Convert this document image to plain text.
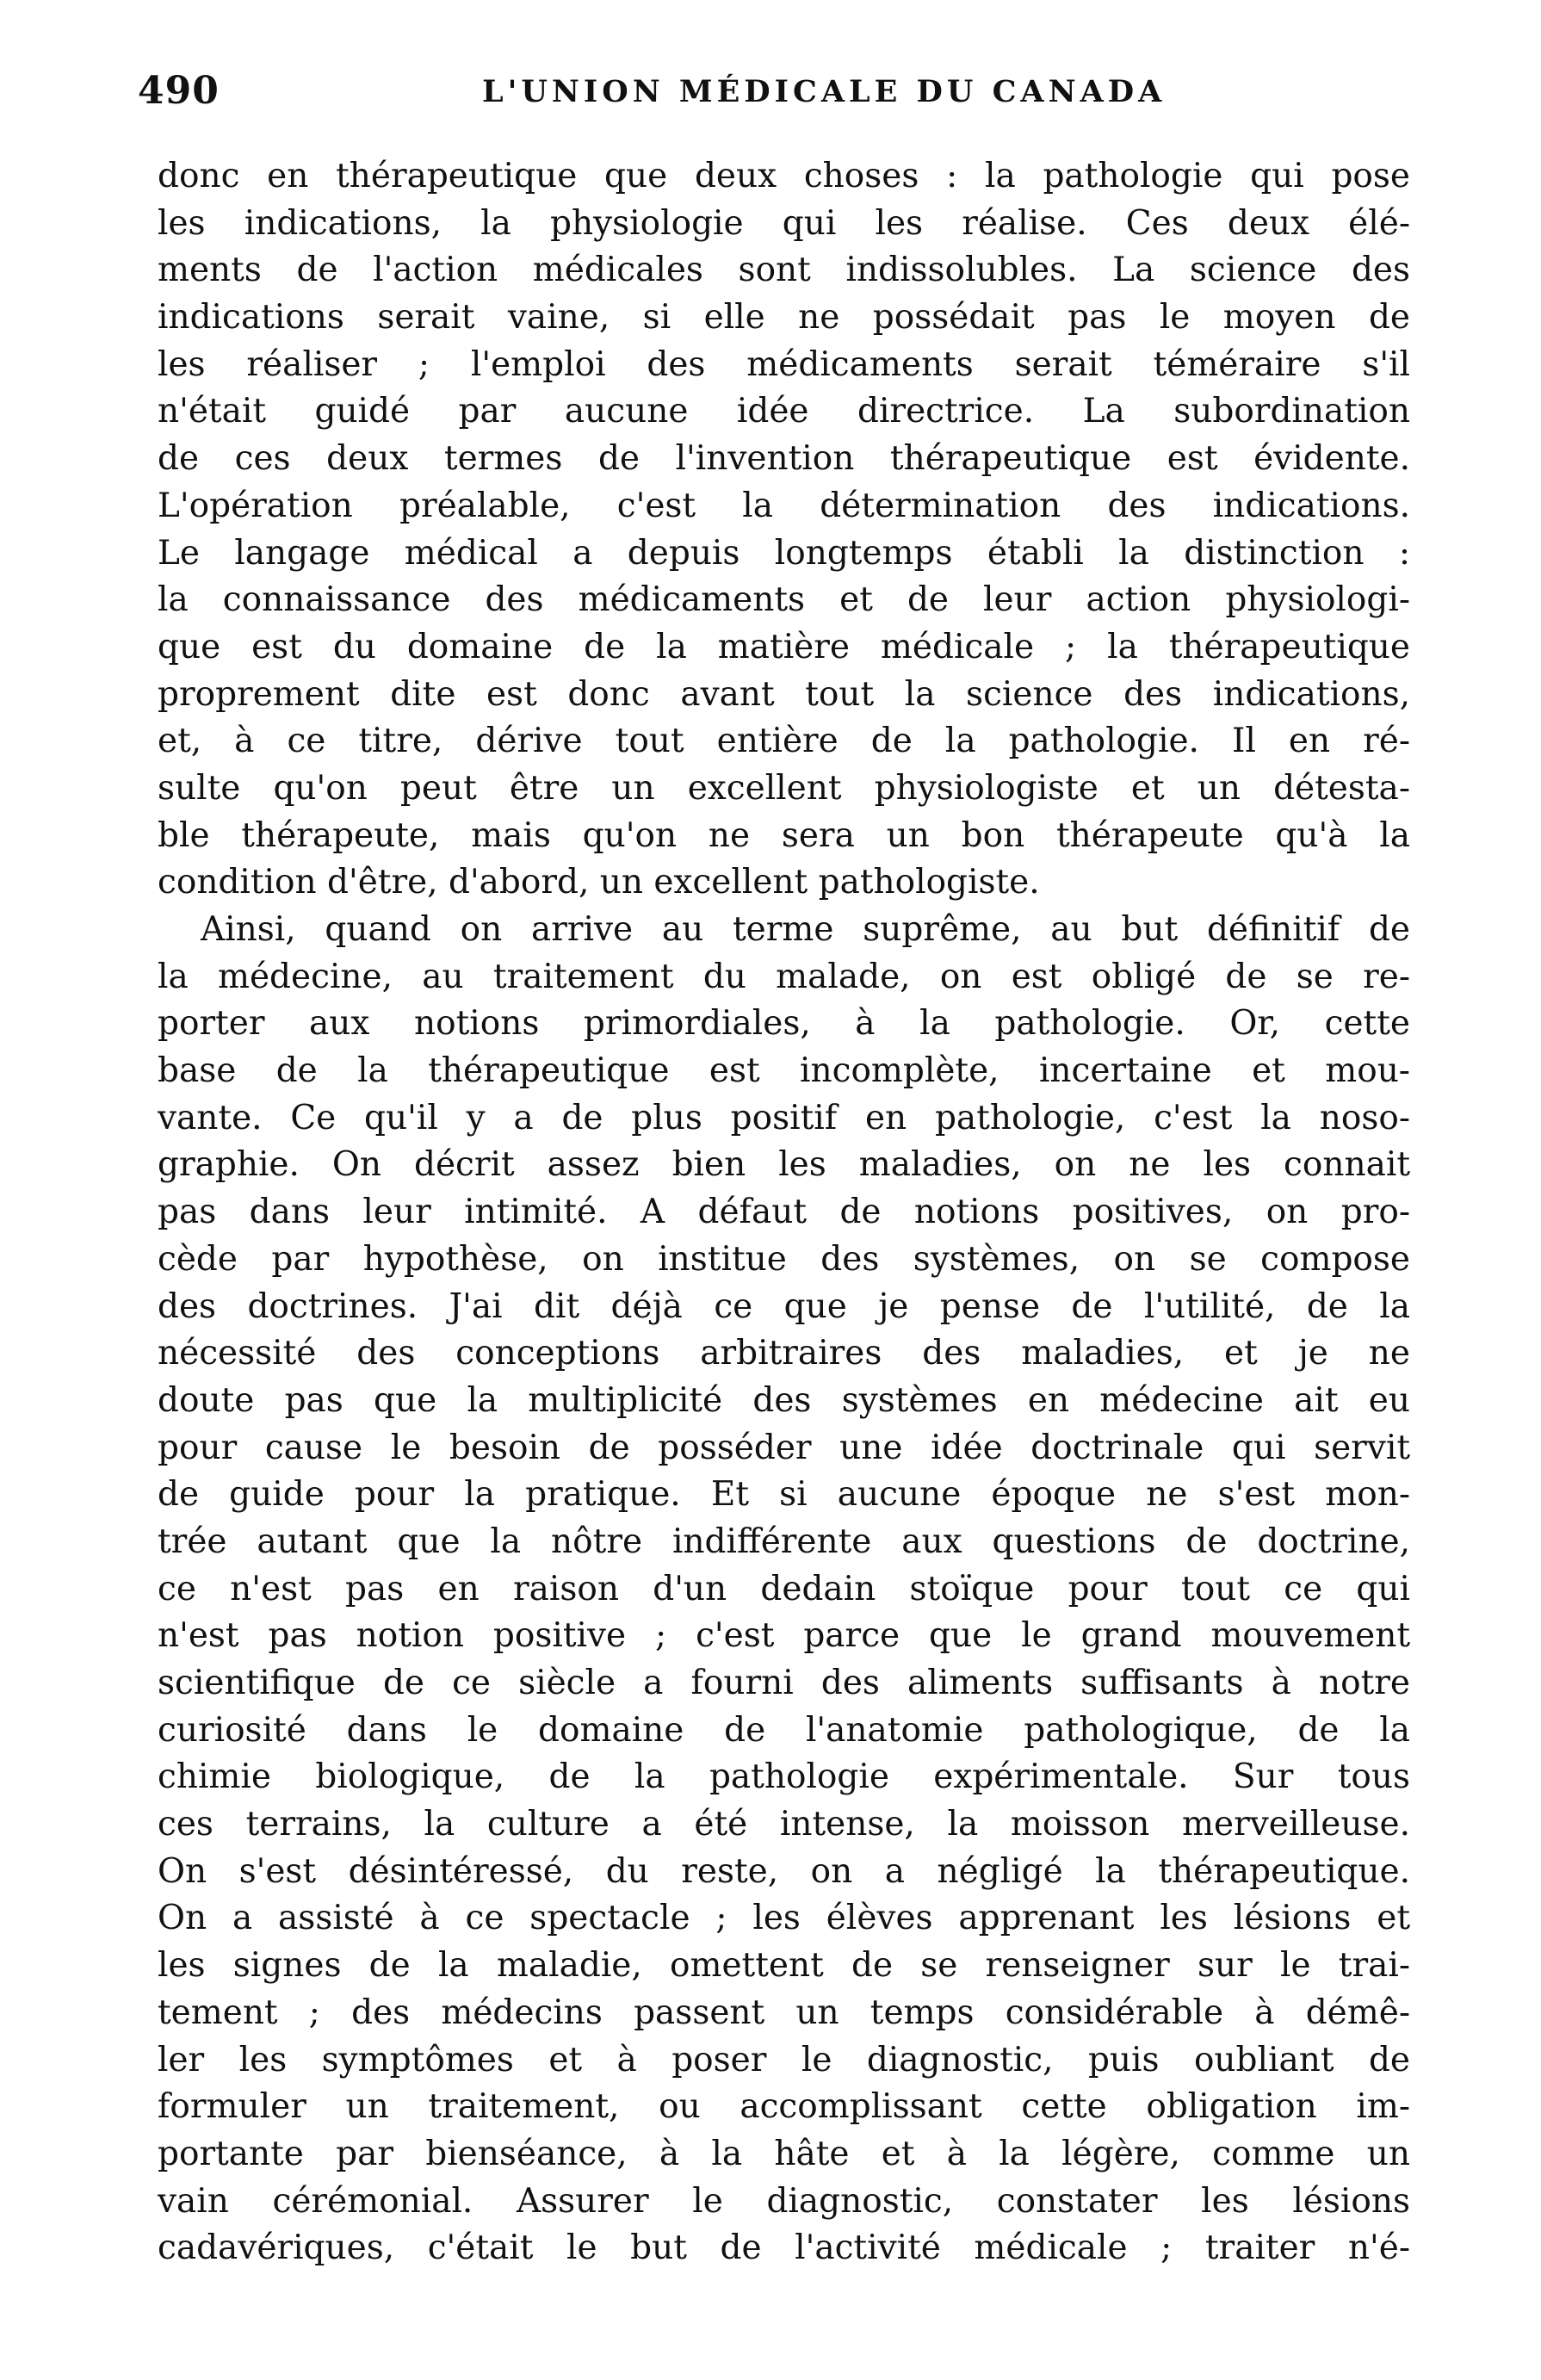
490	L'UNION MÉDICALE DU CANADA
donc en thérapeutique que deux choses : la pathologie qui pose
les indications, la physiologie qui les réalise. Ces deux élé-
ments de l'action médicales sont indissolubles. La science des
indications serait vaine, si elle ne possédait pas le moyen de
les réaliser ; l'emploi des médicaments serait téméraire s'il
n'était guidé par aucune idée directrice. La subordination
de ces deux termes de l'invention thérapeutique est évidente.
L'opération préalable, c'est la détermination des indications.
Le langage médical a depuis longtemps établi la distinction :
la connaissance des médicaments et de leur action physiologi-
que est du domaine de la matière médicale ; la thérapeutique
proprement dite est donc avant tout la science des indications,
et, à ce titre, dérive tout entière de la pathologie. Il en ré-
sulte qu'on peut être un excellent physiologiste et un détesta-
ble thérapeute, mais qu'on ne sera un bon thérapeute qu'à la
condition d'être, d'abord, un excellent pathologiste.
Ainsi, quand on arrive au terme suprême, au but définitif de
la médecine, au traitement du malade, on est obligé de se re-
porter aux notions primordiales, à la pathologie. Or, cette
base de la thérapeutique est incomplète, incertaine et mou-
vante. Ce qu'il y a de plus positif en pathologie, c'est la noso-
graphie. On décrit assez bien les maladies, on ne les connait
pas dans leur intimité. A défaut de notions positives, on pro-
cède par hypothèse, on institue des systèmes, on se compose
des doctrines. J'ai dit déjà ce que je pense de l'utilité, de la
nécessité des conceptions arbitraires des maladies, et je ne
doute pas que la multiplicité des systèmes en médecine ait eu
pour cause le besoin de posséder une idée doctrinale qui servit
de guide pour la pratique. Et si aucune époque ne s'est mon-
trée autant que la nôtre indifférente aux questions de doctrine,
ce n'est pas en raison d'un dedain stoïque pour tout ce qui
n'est pas notion positive ; c'est parce que le grand mouvement
scientifique de ce siècle a fourni des aliments suffisants à notre
curiosité dans le domaine de l'anatomie pathologique, de la
chimie biologique, de la pathologie expérimentale. Sur tous
ces terrains, la culture a été intense, la moisson merveilleuse.
On s'est désintéressé, du reste, on a négligé la thérapeutique.
On a assisté à ce spectacle ; les élèves apprenant les lésions et
les signes de la maladie, omettent de se renseigner sur le trai-
tement ; des médecins passent un temps considérable à démê-
ler les symptômes et à poser le diagnostic, puis oubliant de
formuler un traitement, ou accomplissant cette obligation im-
portante par bienséance, à la hâte et à la légère, comme un
vain cérémonial. Assurer le diagnostic, constater les lésions
cadavériques, c'était le but de l'activité médicale ; traiter n'é-
